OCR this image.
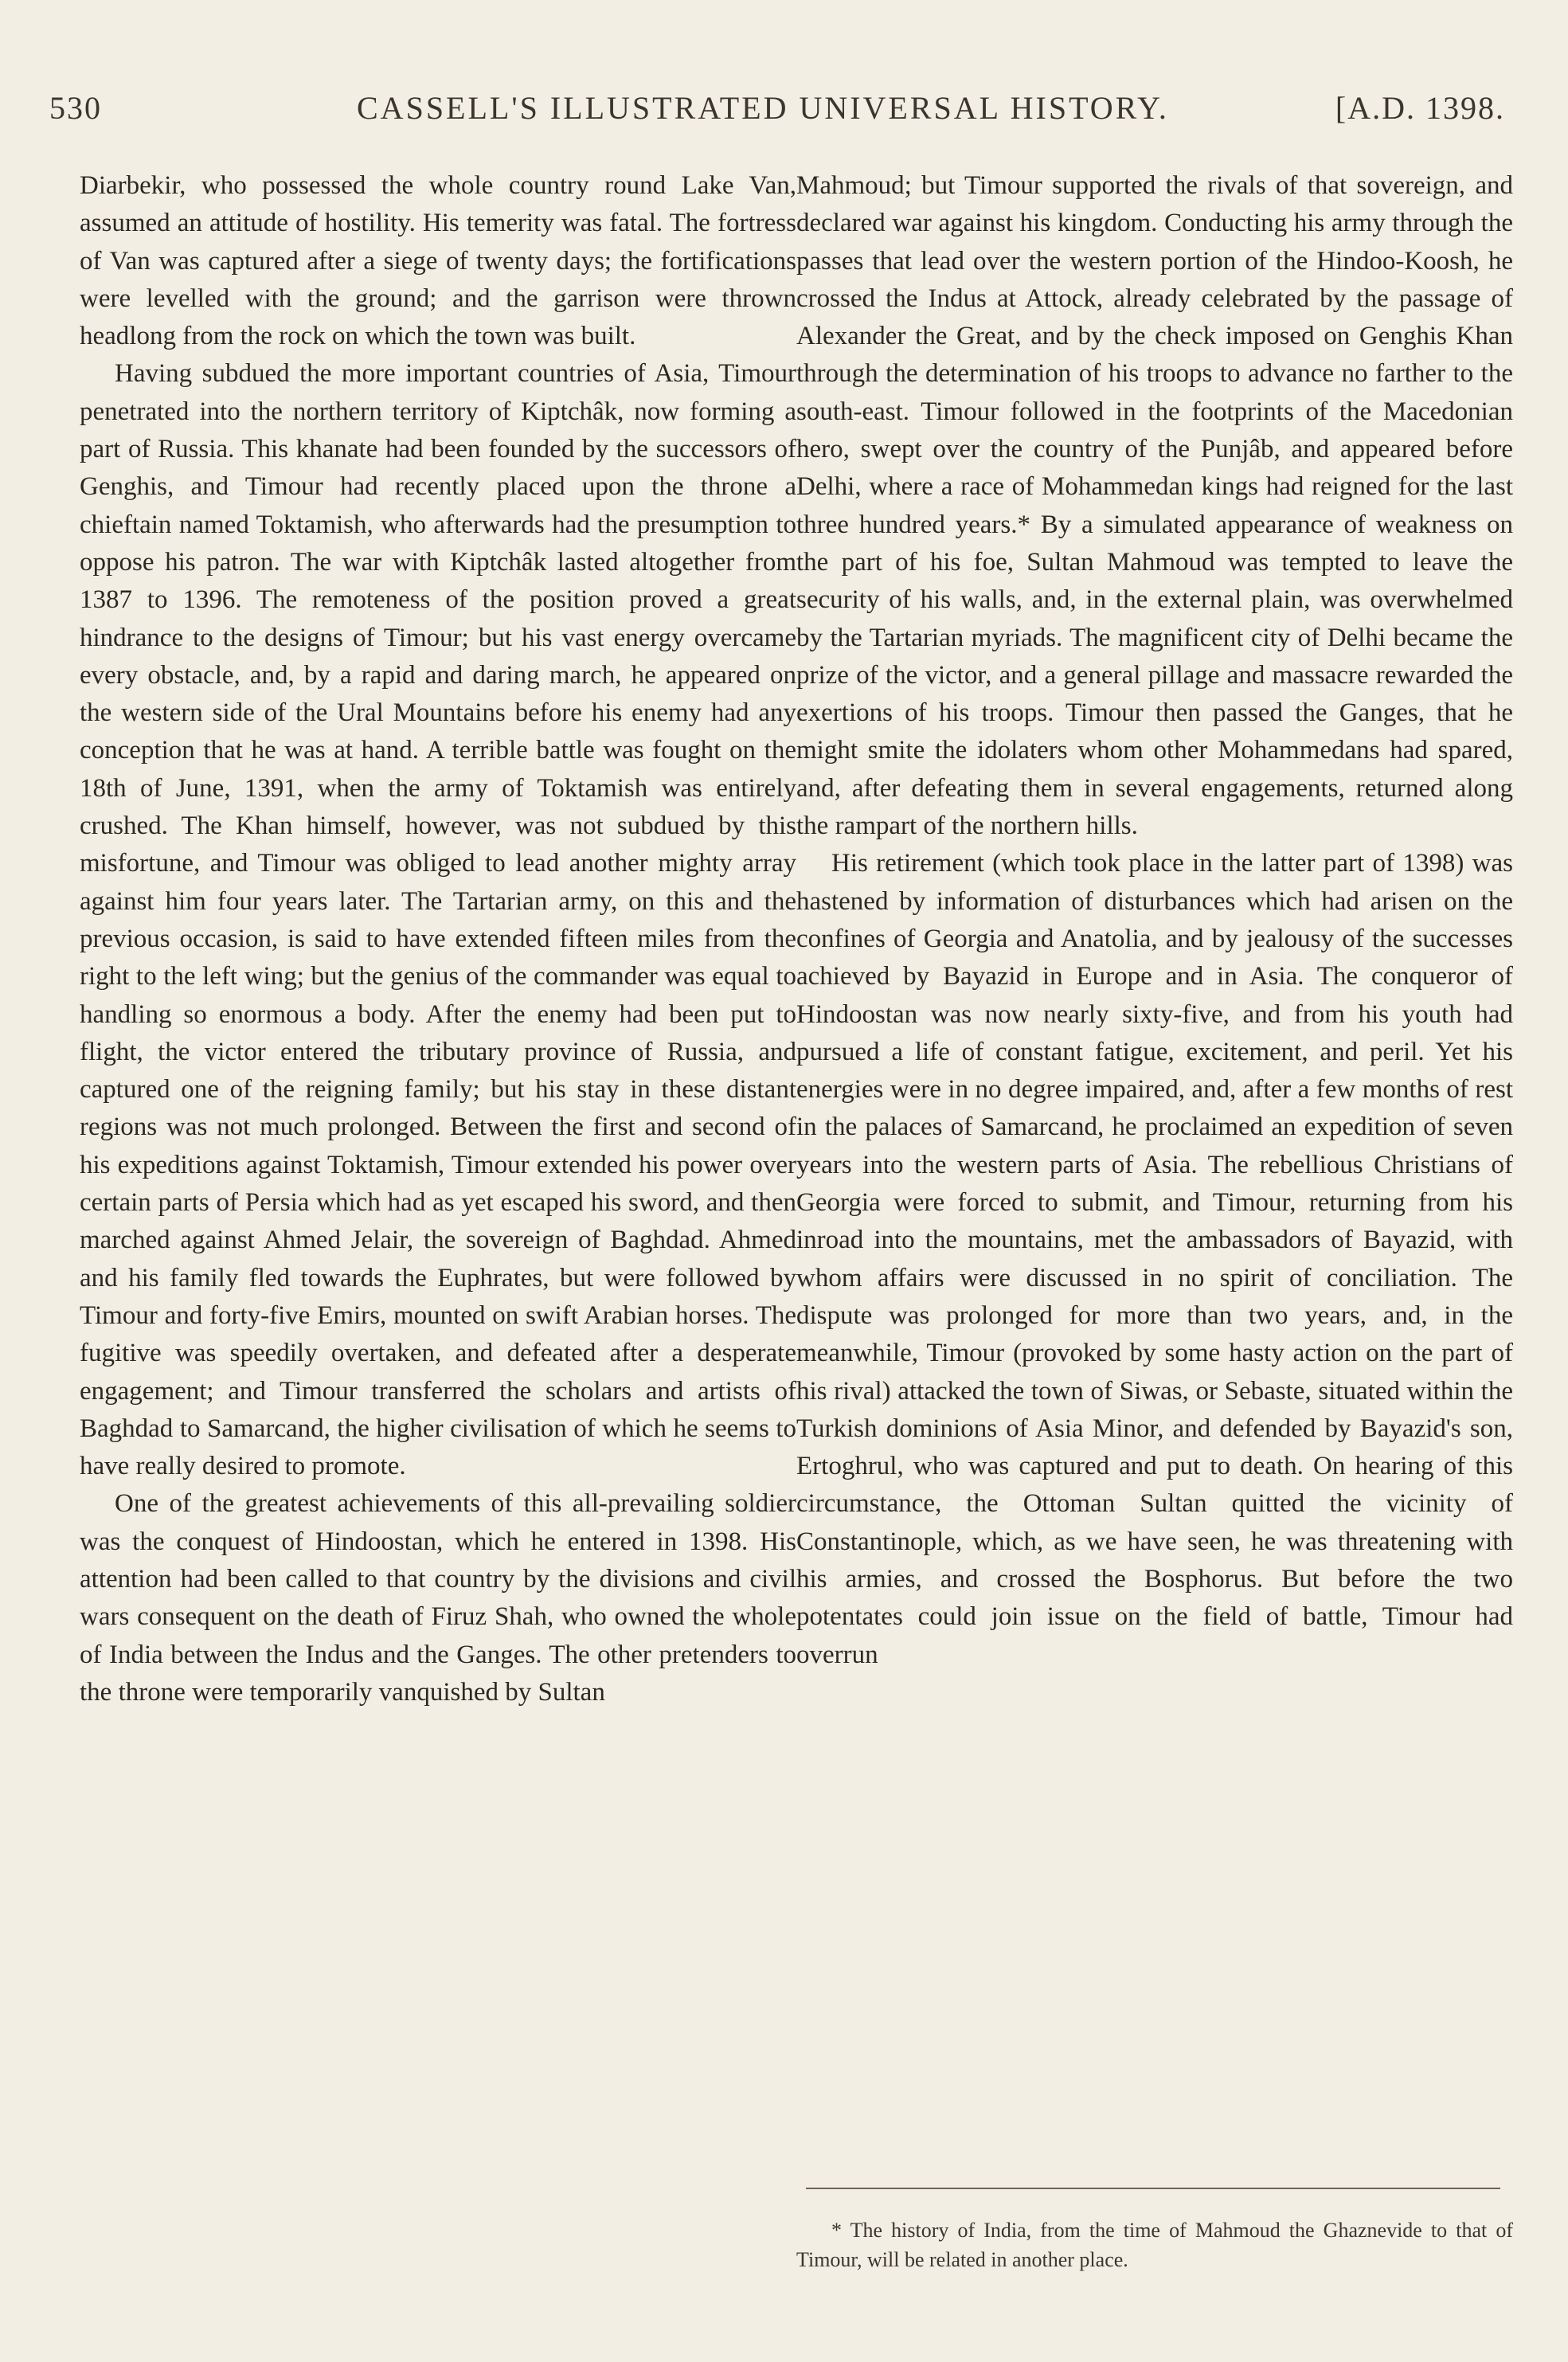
530	CASSELL'S ILLUSTRATED UNIVERSAL HISTORY.	[A.D. 1398.

Diarbekir, who possessed the whole country round Lake Van, assumed an attitude of hostility. His temerity was fatal. The fortress of Van was captured after a siege of twenty days; the fortifications were levelled with the ground; and the garrison were thrown headlong from the rock on which the town was built.

Having subdued the more important countries of Asia, Timour penetrated into the northern territory of Kiptchâk, now forming a part of Russia. This khanate had been founded by the successors of Genghis, and Timour had recently placed upon the throne a chieftain named Toktamish, who afterwards had the presumption to oppose his patron. The war with Kiptchâk lasted altogether from 1387 to 1396. The remoteness of the position proved a great hindrance to the designs of Timour; but his vast energy overcame every obstacle, and, by a rapid and daring march, he appeared on the western side of the Ural Mountains before his enemy had any conception that he was at hand. A terrible battle was fought on the 18th of June, 1391, when the army of Toktamish was entirely crushed. The Khan himself, however, was not subdued by this misfortune, and Timour was obliged to lead another mighty array against him four years later. The Tartarian army, on this and the previous occasion, is said to have extended fifteen miles from the right to the left wing; but the genius of the commander was equal to handling so enormous a body. After the enemy had been put to flight, the victor entered the tributary province of Russia, and captured one of the reigning family; but his stay in these distant regions was not much prolonged. Between the first and second of his expeditions against Toktamish, Timour extended his power over certain parts of Persia which had as yet escaped his sword, and then marched against Ahmed Jelair, the sovereign of Baghdad. Ahmed and his family fled towards the Euphrates, but were followed by Timour and forty-five Emirs, mounted on swift Arabian horses. The fugitive was speedily overtaken, and defeated after a desperate engagement; and Timour transferred the scholars and artists of Baghdad to Samarcand, the higher civilisation of which he seems to have really desired to promote.

One of the greatest achievements of this all-prevailing soldier was the conquest of Hindoostan, which he entered in 1398. His attention had been called to that country by the divisions and civil wars consequent on the death of Firuz Shah, who owned the whole of India between the Indus and the Ganges. The other pretenders to the throne were temporarily vanquished by Sultan

Mahmoud; but Timour supported the rivals of that sovereign, and declared war against his kingdom. Conducting his army through the passes that lead over the western portion of the Hindoo-Koosh, he crossed the Indus at Attock, already celebrated by the passage of Alexander the Great, and by the check imposed on Genghis Khan through the determination of his troops to advance no farther to the south-east. Timour followed in the footprints of the Macedonian hero, swept over the country of the Punjâb, and appeared before Delhi, where a race of Mohammedan kings had reigned for the last three hundred years.* By a simulated appearance of weakness on the part of his foe, Sultan Mahmoud was tempted to leave the security of his walls, and, in the external plain, was overwhelmed by the Tartarian myriads. The magnificent city of Delhi became the prize of the victor, and a general pillage and massacre rewarded the exertions of his troops. Timour then passed the Ganges, that he might smite the idolaters whom other Mohammedans had spared, and, after defeating them in several engagements, returned along the rampart of the northern hills.

His retirement (which took place in the latter part of 1398) was hastened by information of disturbances which had arisen on the confines of Georgia and Anatolia, and by jealousy of the successes achieved by Bayazid in Europe and in Asia. The conqueror of Hindoostan was now nearly sixty-five, and from his youth had pursued a life of constant fatigue, excitement, and peril. Yet his energies were in no degree impaired, and, after a few months of rest in the palaces of Samarcand, he proclaimed an expedition of seven years into the western parts of Asia. The rebellious Christians of Georgia were forced to submit, and Timour, returning from his inroad into the mountains, met the ambassadors of Bayazid, with whom affairs were discussed in no spirit of conciliation. The dispute was prolonged for more than two years, and, in the meanwhile, Timour (provoked by some hasty action on the part of his rival) attacked the town of Siwas, or Sebaste, situated within the Turkish dominions of Asia Minor, and defended by Bayazid's son, Ertoghrul, who was captured and put to death. On hearing of this circumstance, the Ottoman Sultan quitted the vicinity of Constantinople, which, as we have seen, he was threatening with his armies, and crossed the Bosphorus. But before the two potentates could join issue on the field of battle, Timour had overrun

* The history of India, from the time of Mahmoud the Ghaznevide to that of Timour, will be related in another place.
